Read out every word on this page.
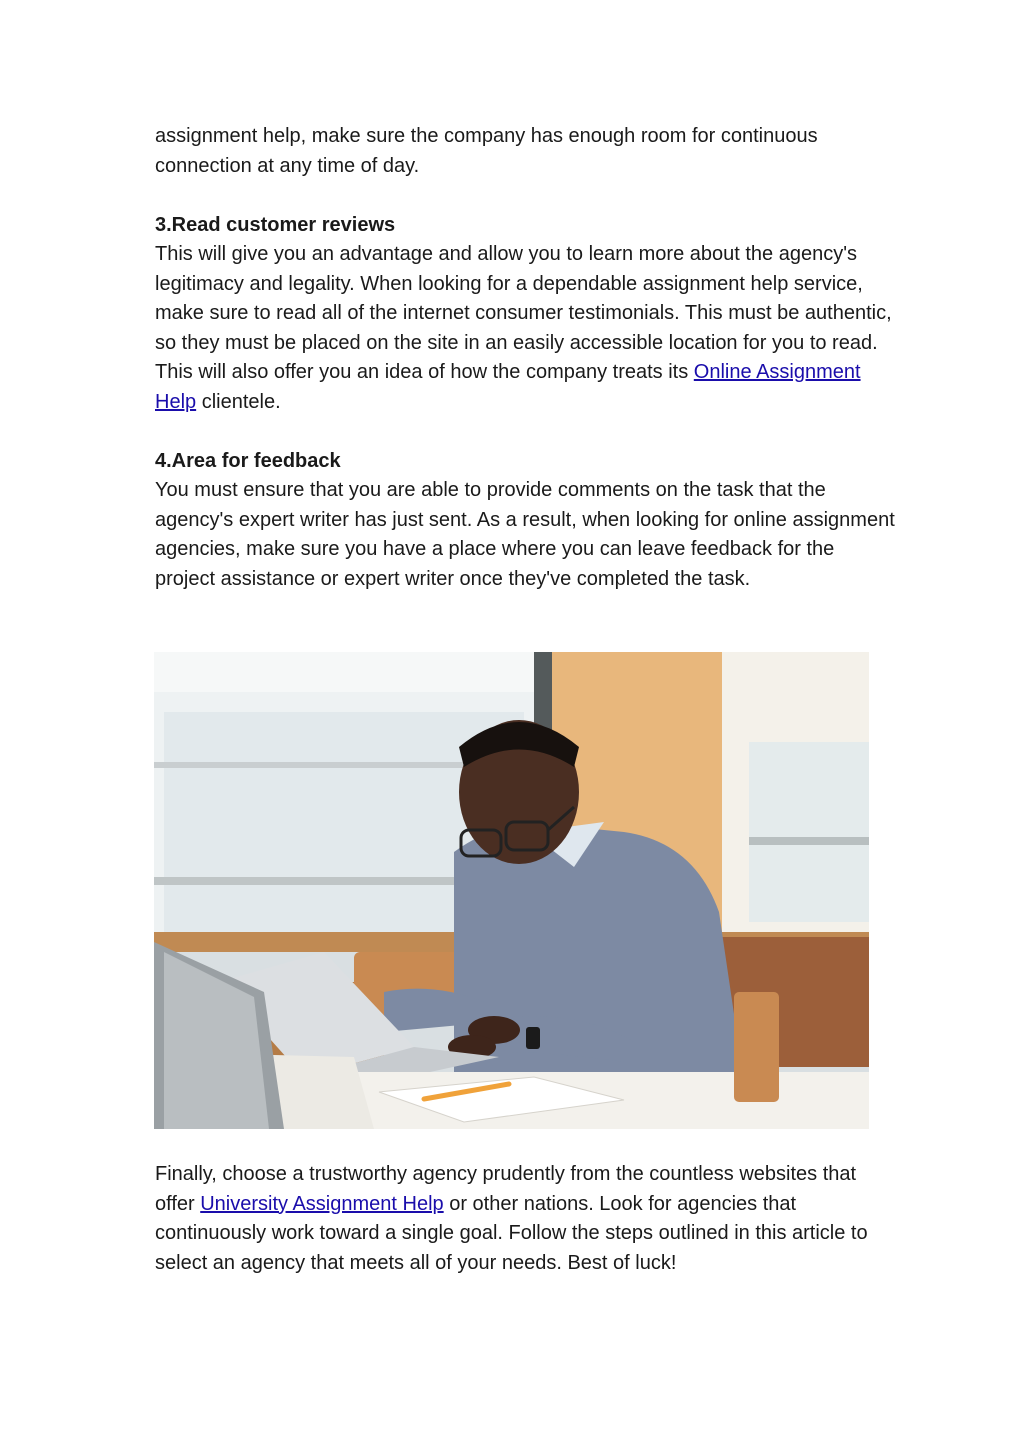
assignment help, make sure the company has enough room for continuous connection at any time of day.

3.Read customer reviews

This will give you an advantage and allow you to learn more about the agency's legitimacy and legality. When looking for a dependable assignment help service, make sure to read all of the internet consumer testimonials. This must be authentic, so they must be placed on the site in an easily accessible location for you to read. This will also offer you an idea of how the company treats its Online Assignment Help clientele.

4.Area for feedback

You must ensure that you are able to provide comments on the task that the agency's expert writer has just sent. As a result, when looking for online assignment agencies, make sure you have a place where you can leave feedback for the project assistance or expert writer once they've completed the task.

Finally, choose a trustworthy agency prudently from the countless websites that offer University Assignment Help or other nations. Look for agencies that continuously work toward a single goal. Follow the steps outlined in this article to select an agency that meets all of your needs. Best of luck!
